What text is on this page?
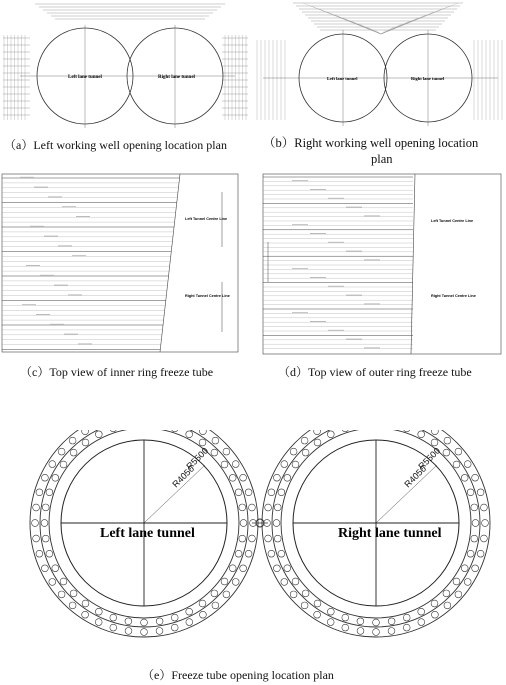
Left lane tunnel	Right lane tunnel
（a）Left working well opening location plan
Left lane tunnel	Right lane tunnel
（b）Right working well opening location
plan
Left Tunnel Centre Line
Right Tunnel Centre Line
（c）Top view of inner ring freeze tube
Left Tunnel Centre Line
Right Tunnel Centre Line
（d）Top view of outer ring freeze tube
R5500
R4050
R5500
R4050
Left lane tunnel	Right lane tunnel
（e）Freeze tube opening location plan
